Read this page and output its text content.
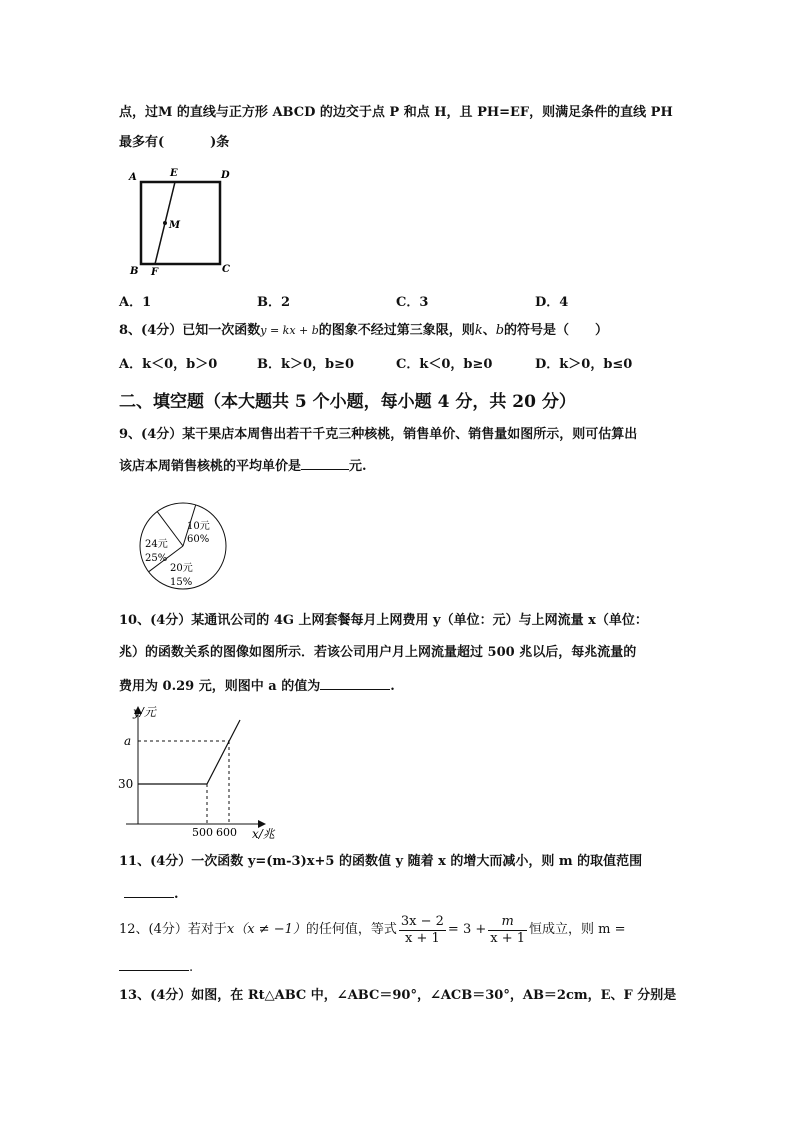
点，过M 的直线与正方形 ABCD 的边交于点 P 和点 H，且 PH=EF，则满足条件的直线 PH
最多有(	)条
A	E	D
M
B F	C
A．1	B．2	C．3	D．4
8、(4分）已知一次函数y = kx + b的图象不经过第三象限，则k、b的符号是（　　）
A．k＜0，b＞0	B．k＞0，b≥0	C．k＜0，b≥0	D．k＞0，b≤0
二、填空题（本大题共 5 个小题，每小题 4 分，共 20 分）
9、(4分）某干果店本周售出若干千克三种核桃，销售单价、销售量如图所示，则可估算出
该店本周销售核桃的平均单价是	元.
10元
60%
24元
25%
20元
15%
10、(4分）某通讯公司的 4G 上网套餐每月上网费用 y（单位：元）与上网流量 x（单位：
兆）的函数关系的图像如图所示．若该公司用户月上网流量超过 500 兆以后，每兆流量的
费用为 0.29 元，则图中 a 的值为	.
y/元
a
30
500 600 x/兆
11、(4分）一次函数 y=(m-3)x+5 的函数值 y 随着 x 的增大而减小，则 m 的取值范围
.
12、(4分）若对于 x（x ≠ −1） 的任何值，等式 $\frac{3x - 2}{x + 1} = 3 + \frac{m}{x + 1}$ 恒成立，则 m =
.
13、(4分）如图，在 Rt△ABC 中，∠ABC＝90°，∠ACB＝30°，AB＝2cm，E、F 分别是
